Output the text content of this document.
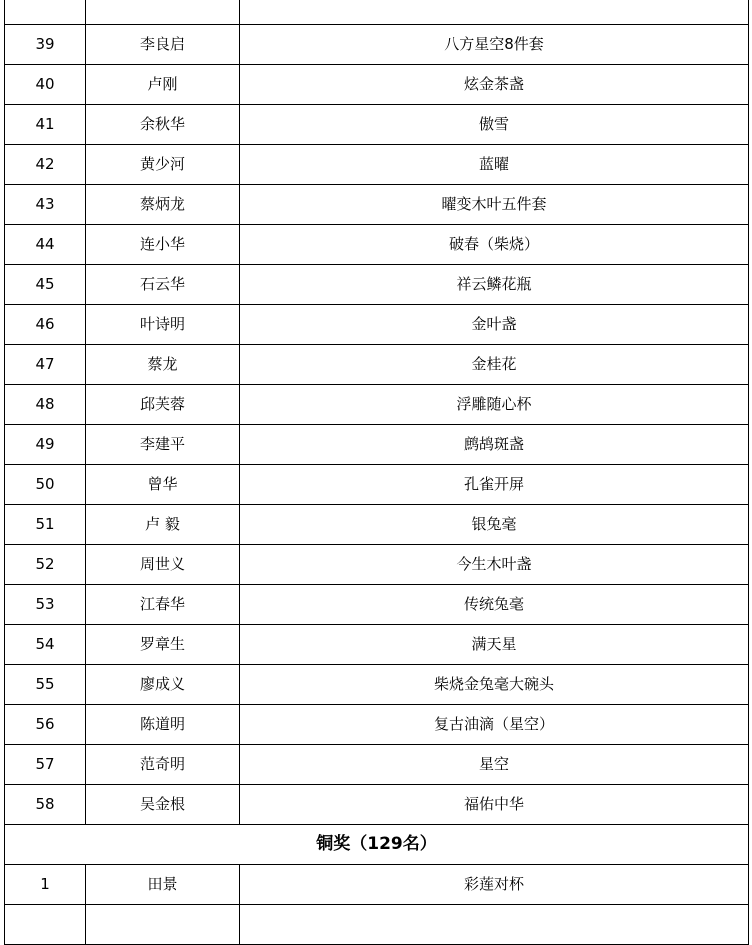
39	李良启	八方星空8件套
40	卢刚	炫金茶盏
41	余秋华	傲雪
42	黄少河	蓝曜
43	蔡炳龙	曜变木叶五件套
44	连小华	破春（柴烧）
45	石云华	祥云鳞花瓶
46	叶诗明	金叶盏
47	蔡龙	金桂花
48	邱芙蓉	浮雕随心杯
49	李建平	鹧鸪斑盏
50	曾华	孔雀开屏
51	卢 毅	银兔毫
52	周世义	今生木叶盏
53	江春华	传统兔毫
54	罗章生	满天星
55	廖成义	柴烧金兔毫大碗头
56	陈道明	复古油滴（星空）
57	范奇明	星空
58	吴金根	福佑中华
铜奖（129名）		
1	田景	彩莲对杯
